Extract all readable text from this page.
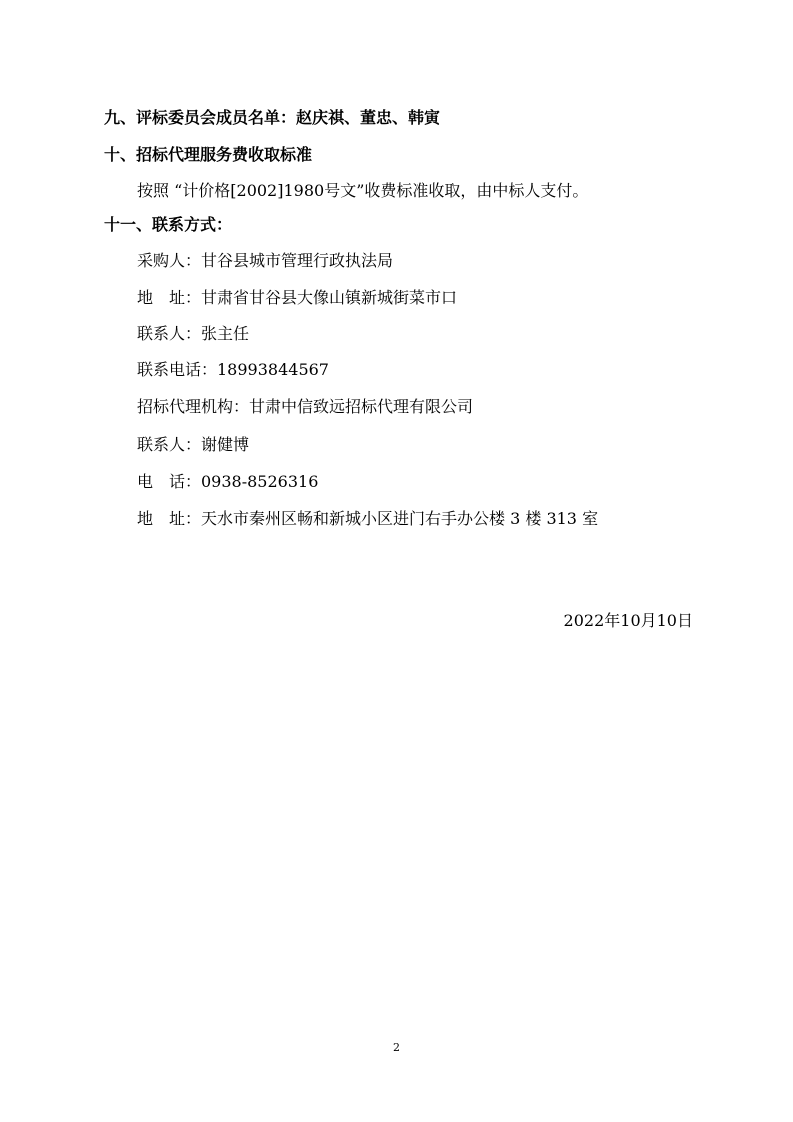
九、评标委员会成员名单：赵庆祺、董忠、韩寅
十、招标代理服务费收取标准
按照 “计价格[2002]1980号文”收费标准收取，由中标人支付。
十一、联系方式：
采购人：甘谷县城市管理行政执法局
地　址：甘肃省甘谷县大像山镇新城街菜市口
联系人：张主任
联系电话：18993844567
招标代理机构：甘肃中信致远招标代理有限公司
联系人：谢健博
电　话：0938-8526316
地　址：天水市秦州区畅和新城小区进门右手办公楼 3 楼 313 室
2022年10月10日
2
